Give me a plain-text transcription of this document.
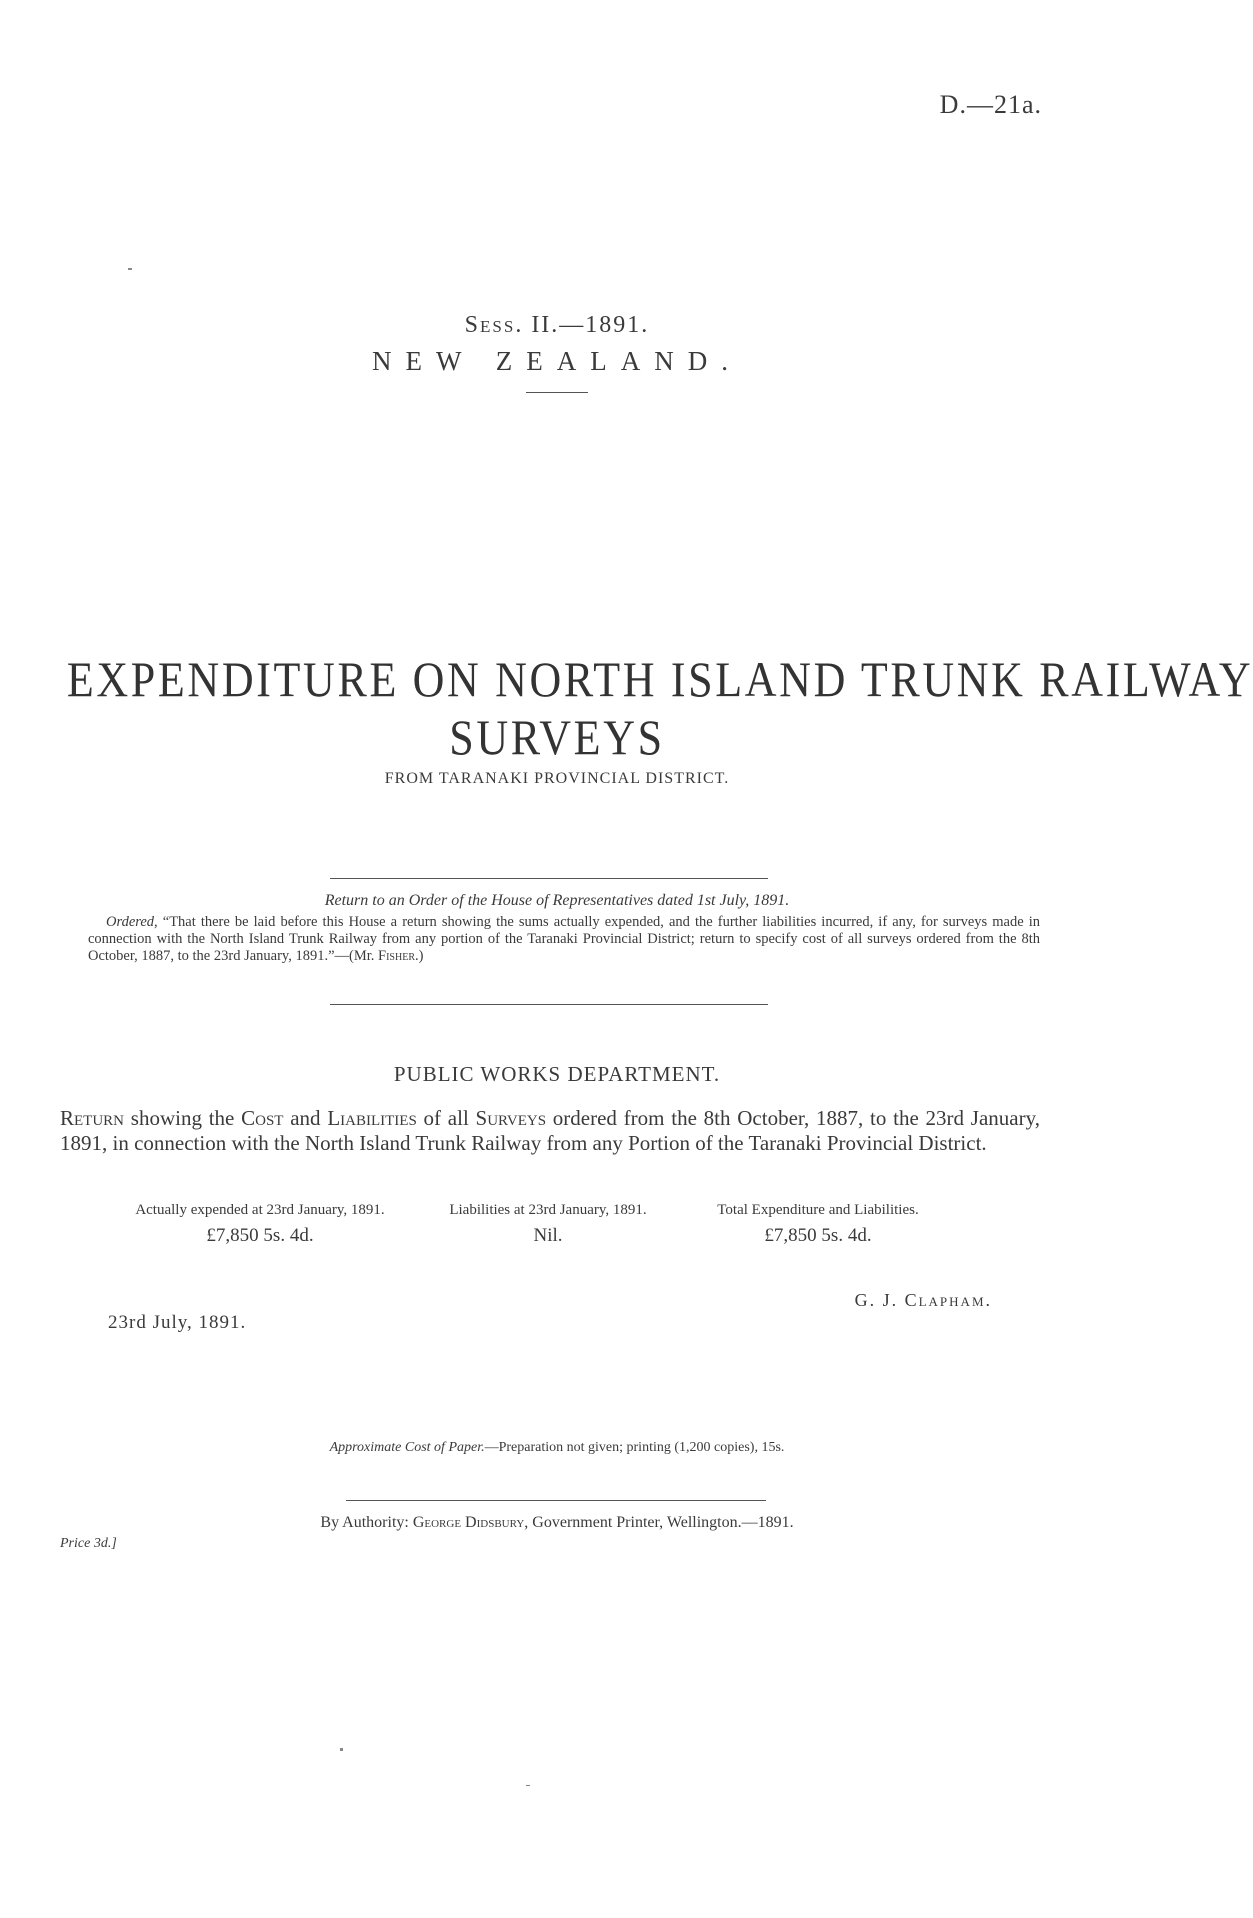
D.—21a.
Sess. II.—1891.
NEW ZEALAND.
EXPENDITURE ON NORTH ISLAND TRUNK RAILWAY
SURVEYS
FROM TARANAKI PROVINCIAL DISTRICT.
Return to an Order of the House of Representatives dated 1st July, 1891.
Ordered, “That there be laid before this House a return showing the sums actually expended, and the further liabilities incurred, if any, for surveys made in connection with the North Island Trunk Railway from any portion of the Taranaki Provincial District; return to specify cost of all surveys ordered from the 8th October, 1887, to the 23rd January, 1891.”—(Mr. Fisher.)
PUBLIC WORKS DEPARTMENT.
Return showing the Cost and Liabilities of all Surveys ordered from the 8th October, 1887, to the 23rd January, 1891, in connection with the North Island Trunk Railway from any Portion of the Taranaki Provincial District.
Actually expended at 23rd January, 1891.
£7,850 5s. 4d.
Liabilities at 23rd January, 1891.
Nil.
Total Expenditure and Liabilities.
£7,850 5s. 4d.
G. J. Clapham.
23rd July, 1891.
Approximate Cost of Paper.—Preparation not given; printing (1,200 copies), 15s.
By Authority: George Didsbury, Government Printer, Wellington.—1891.
Price 3d.]
